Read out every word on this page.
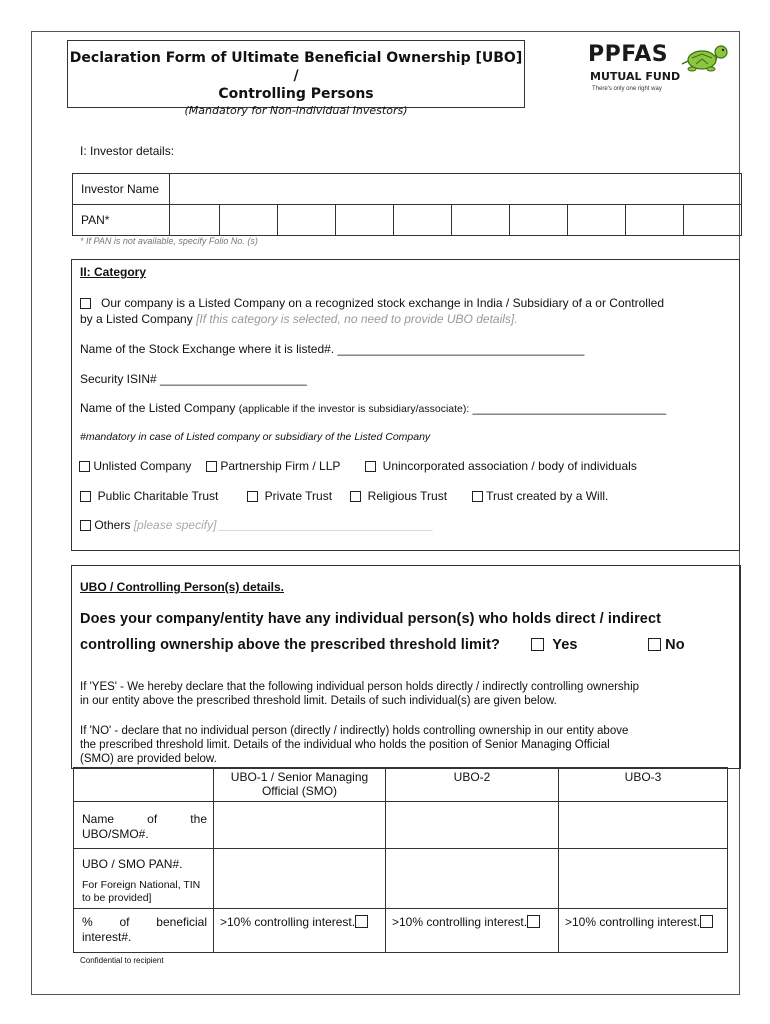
Declaration Form of Ultimate Beneficial Ownership [UBO] /
Controlling Persons
(Mandatory for Non-individual Investors)
PPFAS
MUTUAL FUND
There's only one right way
I: Investor details:
Investor Name										
PAN*										
* If PAN is not available, specify Folio No. (s)
II: Category
Our company is a Listed Company on a recognized stock exchange in India / Subsidiary of a or Controlled
by a Listed Company [If this category is selected, no need to provide UBO details].
Name of the Stock Exchange where it is listed#. _____________________________________
Security ISIN# ______________________
Name of the Listed Company (applicable if the investor is subsidiary/associate): _____________________________
#mandatory in case of Listed company or subsidiary of the Listed Company
Unlisted Company	Partnership Firm / LLP	Unincorporated association / body of individuals
Public Charitable Trust	Private Trust	Religious Trust	Trust created by a Will.
Others [please specify] ________________________________
UBO / Controlling Person(s) details.
Does your company/entity have any individual person(s) who holds direct / indirect
controlling ownership above the prescribed threshold limit?	Yes	No
If 'YES' - We hereby declare that the following individual person holds directly / indirectly controlling ownership
in our entity above the prescribed threshold limit. Details of such individual(s) are given below.
If 'NO' - declare that no individual person (directly / indirectly) holds controlling ownership in our entity above
the prescribed threshold limit. Details of the individual who holds the position of Senior Managing Official
(SMO) are provided below.
	UBO-1 / Senior Managing Official (SMO)	UBO-2	UBO-3
Name of the UBO/SMO#.			

UBO / SMO PAN#.
For Foreign National, TIN to be provided]			

% of beneficial interest#.	>10% controlling interest.	>10% controlling interest.	>10% controlling interest.
Confidential to recipient
